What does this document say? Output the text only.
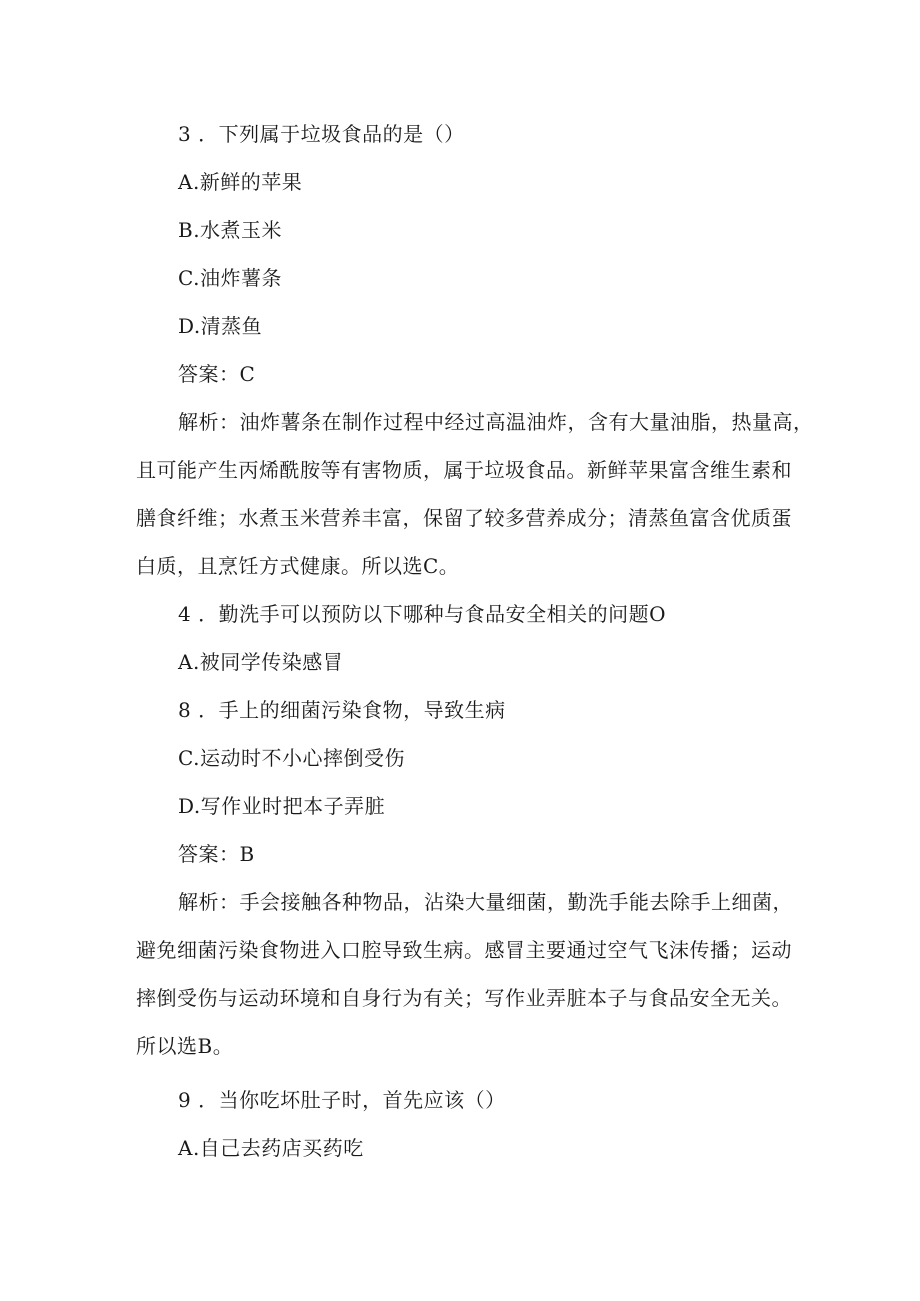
3 ．下列属于垃圾食品的是（）
A.新鲜的苹果
B.水煮玉米
C.油炸薯条
D.清蒸鱼
答案：C
解析：油炸薯条在制作过程中经过高温油炸，含有大量油脂，热量高，
且可能产生丙烯酰胺等有害物质，属于垃圾食品。新鲜苹果富含维生素和
膳食纤维；水煮玉米营养丰富，保留了较多营养成分；清蒸鱼富含优质蛋
白质，且烹饪方式健康。所以选C。
4 ．勤洗手可以预防以下哪种与食品安全相关的问题O
A.被同学传染感冒
8 ．手上的细菌污染食物，导致生病
C.运动时不小心摔倒受伤
D.写作业时把本子弄脏
答案：B
解析：手会接触各种物品，沾染大量细菌，勤洗手能去除手上细菌，
避免细菌污染食物进入口腔导致生病。感冒主要通过空气飞沫传播；运动
摔倒受伤与运动环境和自身行为有关；写作业弄脏本子与食品安全无关。
所以选B。
9 ．当你吃坏肚子时，首先应该（）
A.自己去药店买药吃
